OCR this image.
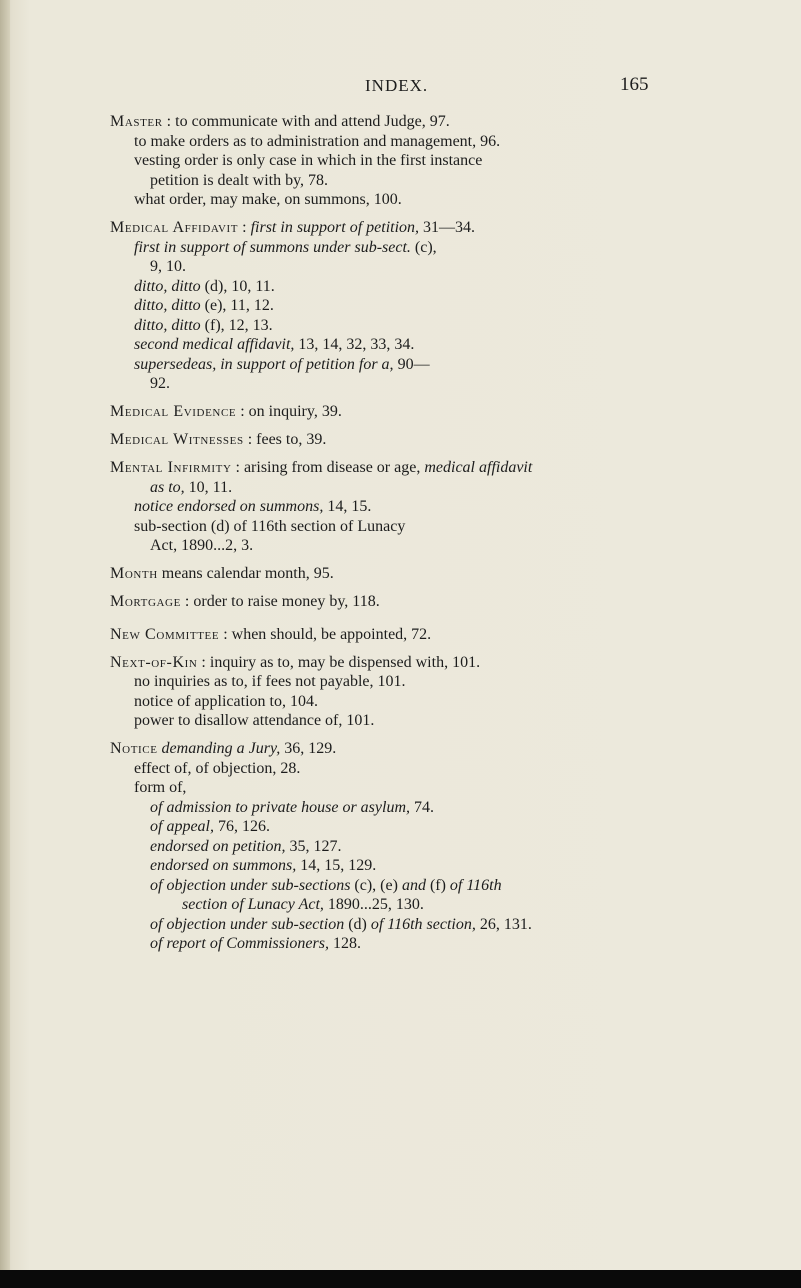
INDEX.	165
Master : to communicate with and attend Judge, 97.
to make orders as to administration and management, 96.
vesting order is only case in which in the first instance
petition is dealt with by, 78.
what order, may make, on summons, 100.
Medical Affidavit : first in support of petition, 31—34.
first in support of summons under sub-sect. (c),
9, 10.
ditto, ditto (d), 10, 11.
ditto, ditto (e), 11, 12.
ditto, ditto (f), 12, 13.
second medical affidavit, 13, 14, 32, 33, 34.
supersedeas, in support of petition for a, 90—
92.
Medical Evidence : on inquiry, 39.
Medical Witnesses : fees to, 39.
Mental Infirmity : arising from disease or age, medical affidavit
as to, 10, 11.
notice endorsed on summons, 14, 15.
sub-section (d) of 116th section of Lunacy
Act, 1890...2, 3.
Month means calendar month, 95.
Mortgage : order to raise money by, 118.
New Committee : when should, be appointed, 72.
Next-of-Kin : inquiry as to, may be dispensed with, 101.
no inquiries as to, if fees not payable, 101.
notice of application to, 104.
power to disallow attendance of, 101.
Notice demanding a Jury, 36, 129.
effect of, of objection, 28.
form of,
of admission to private house or asylum, 74.
of appeal, 76, 126.
endorsed on petition, 35, 127.
endorsed on summons, 14, 15, 129.
of objection under sub-sections (c), (e) and (f) of 116th
section of Lunacy Act, 1890...25, 130.
of objection under sub-section (d) of 116th section, 26, 131.
of report of Commissioners, 128.
